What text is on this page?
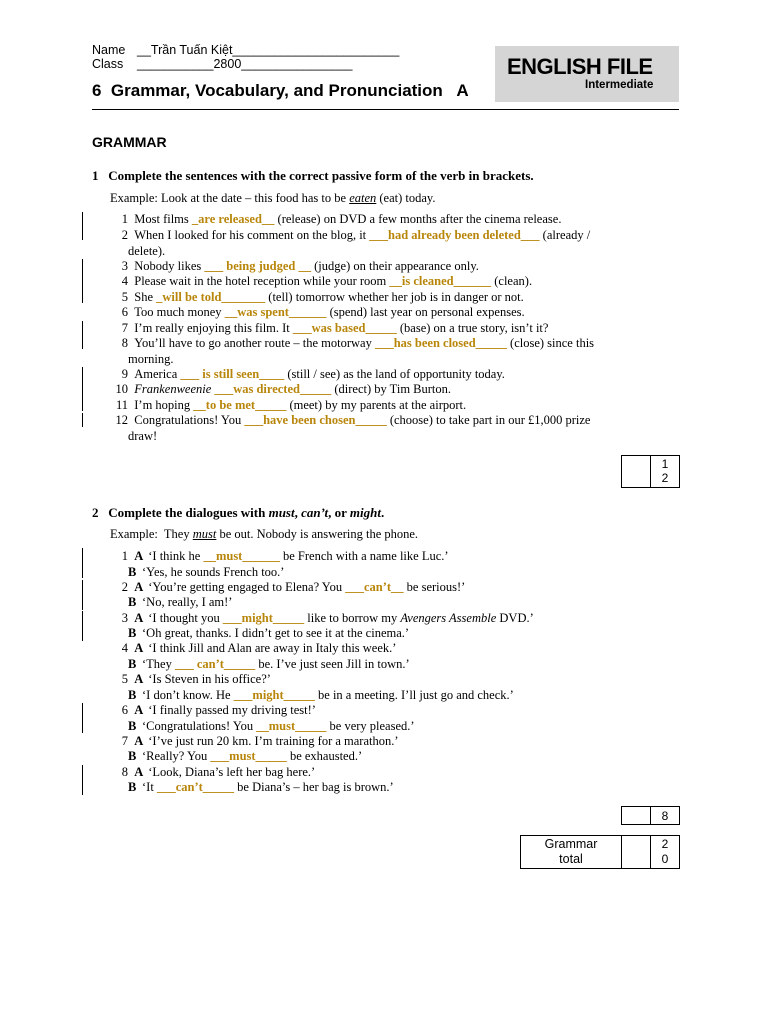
Name __Trần Tuấn Kiệt________________________
Class ___________2800________________
6  Grammar, Vocabulary, and Pronunciation   A
ENGLISH FILE
Intermediate
GRAMMAR
1 Complete the sentences with the correct passive form of the verb in brackets.
Example: Look at the date – this food has to be eaten (eat) today.
1 Most films _are released__ (release) on DVD a few months after the cinema release.
2 When I looked for his comment on the blog, it ___had already been deleted___ (already /
delete).
3 Nobody likes ___ being judged __ (judge) on their appearance only.
4 Please wait in the hotel reception while your room __is cleaned______ (clean).
5 She _will be told_______ (tell) tomorrow whether her job is in danger or not.
6 Too much money __was spent______ (spend) last year on personal expenses.
7 I’m really enjoying this film. It ___was based_____ (base) on a true story, isn’t it?
8 You’ll have to go another route – the motorway ___has been closed_____ (close) since this
morning.
9 America ___ is still seen____ (still / see) as the land of opportunity today.
10 Frankenweenie ___was directed_____ (direct) by Tim Burton.
11 I’m hoping __to be met_____ (meet) by my parents at the airport.
12 Congratulations! You ___have been chosen_____ (choose) to take part in our £1,000 prize
draw!
1
2
2 Complete the dialogues with must, can’t, or might.
Example:  They must be out. Nobody is answering the phone.
1 A ‘I think he __must______ be French with a name like Luc.’
B ‘Yes, he sounds French too.’
2 A ‘You’re getting engaged to Elena? You ___can’t__ be serious!’
B ‘No, really, I am!’
3 A ‘I thought you ___might_____ like to borrow my Avengers Assemble DVD.’
B ‘Oh great, thanks. I didn’t get to see it at the cinema.’
4 A ‘I think Jill and Alan are away in Italy this week.’
B ‘They ___ can’t_____ be. I’ve just seen Jill in town.’
5 A ‘Is Steven in his office?’
B ‘I don’t know. He ___might_____ be in a meeting. I’ll just go and check.’
6 A ‘I finally passed my driving test!’
B ‘Congratulations! You __must_____ be very pleased.’
7 A ‘I’ve just run 20 km. I’m training for a marathon.’
B ‘Really? You ___must_____ be exhausted.’
8 A ‘Look, Diana’s left her bag here.’
B ‘It ___can’t_____ be Diana’s – her bag is brown.’
8
Grammar
total
2
0
